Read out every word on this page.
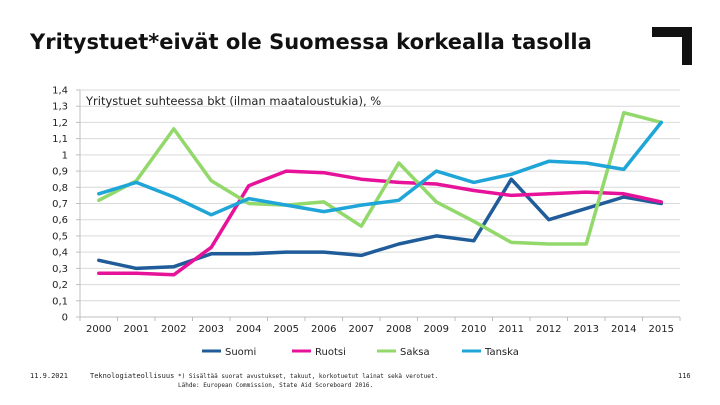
Yritystuet*eivät ole Suomessa korkealla tasolla
0
0,1
0,2
0,3
0,4
0,5
0,6
0,7
0,8
0,9
1
1,1
1,2
1,3
1,4
2000 2001 2002 2003 2004 2005 2006 2007 2008 2009 2010 2011 2012 2013 2014 2015
Yritystuet suhteessa bkt (ilman maataloustukia), %
Suomi	Ruotsi	Saksa	Tanska
11.9.2021	Teknologiateollisuus *) Sisältää suorat avustukset, takuut, korkotuetut lainat sekä verotuet.
Lähde: European Commission, State Aid Scoreboard 2016.
116
